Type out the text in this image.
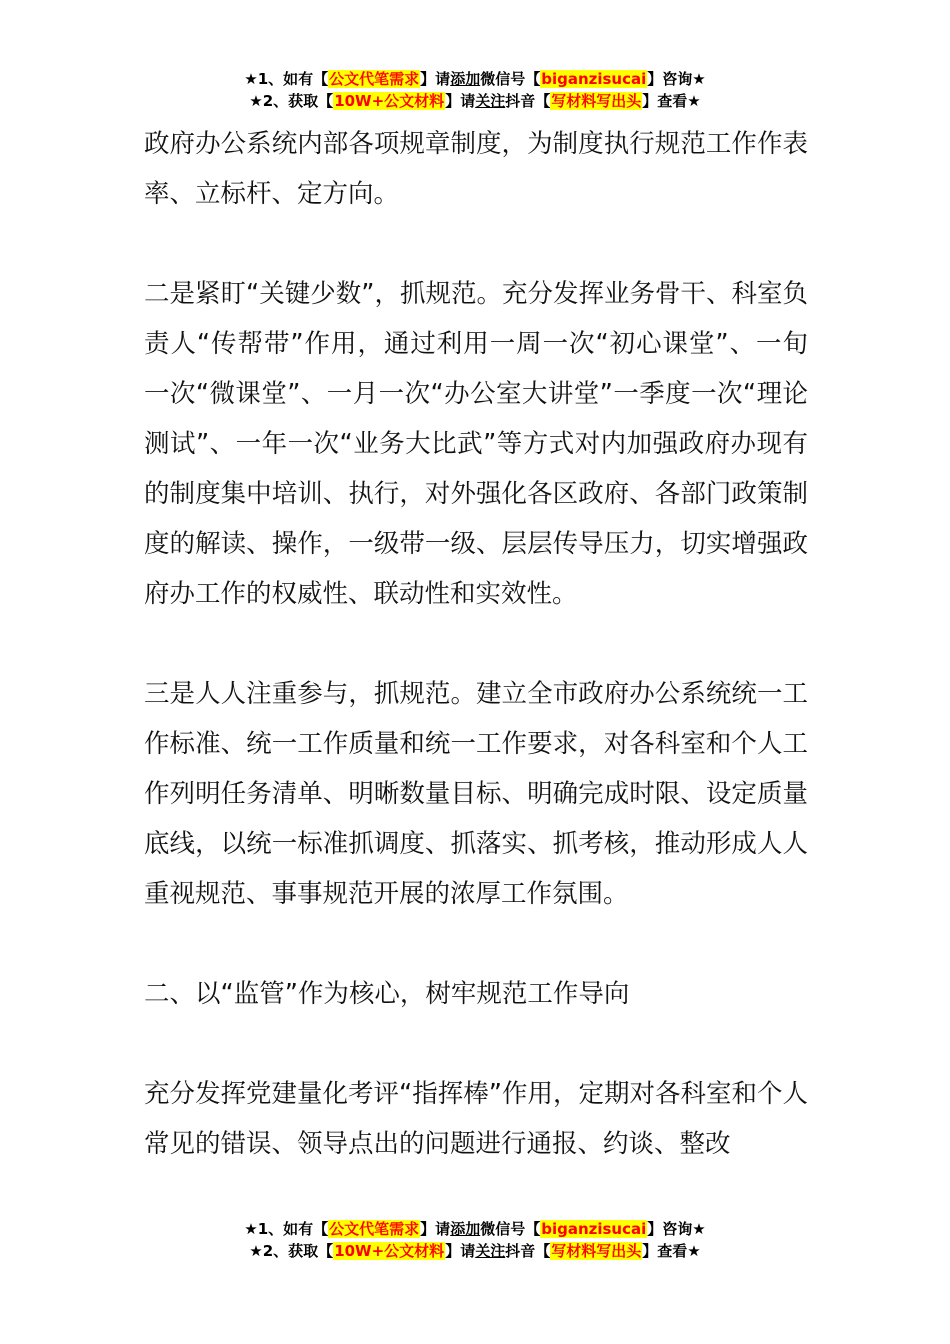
★1、如有【公文代笔需求】请添加微信号【biganzisucai】咨询★
★2、获取【10W+公文材料】请关注抖音【写材料写出头】查看★

政府办公系统内部各项规章制度，为制度执行规范工作作表率、立标杆、定方向。

二是紧盯“关键少数”，抓规范。充分发挥业务骨干、科室负责人“传帮带”作用，通过利用一周一次“初心课堂”、一旬一次“微课堂”、一月一次“办公室大讲堂”一季度一次“理论测试”、一年一次“业务大比武”等方式对内加强政府办现有的制度集中培训、执行，对外强化各区政府、各部门政策制度的解读、操作，一级带一级、层层传导压力，切实增强政府办工作的权威性、联动性和实效性。

三是人人注重参与，抓规范。建立全市政府办公系统统一工作标准、统一工作质量和统一工作要求，对各科室和个人工作列明任务清单、明晰数量目标、明确完成时限、设定质量底线，以统一标准抓调度、抓落实、抓考核，推动形成人人重视规范、事事规范开展的浓厚工作氛围。

二、以“监管”作为核心，树牢规范工作导向

充分发挥党建量化考评“指挥棒”作用，定期对各科室和个人常见的错误、领导点出的问题进行通报、约谈、整改

★1、如有【公文代笔需求】请添加微信号【biganzisucai】咨询★
★2、获取【10W+公文材料】请关注抖音【写材料写出头】查看★
